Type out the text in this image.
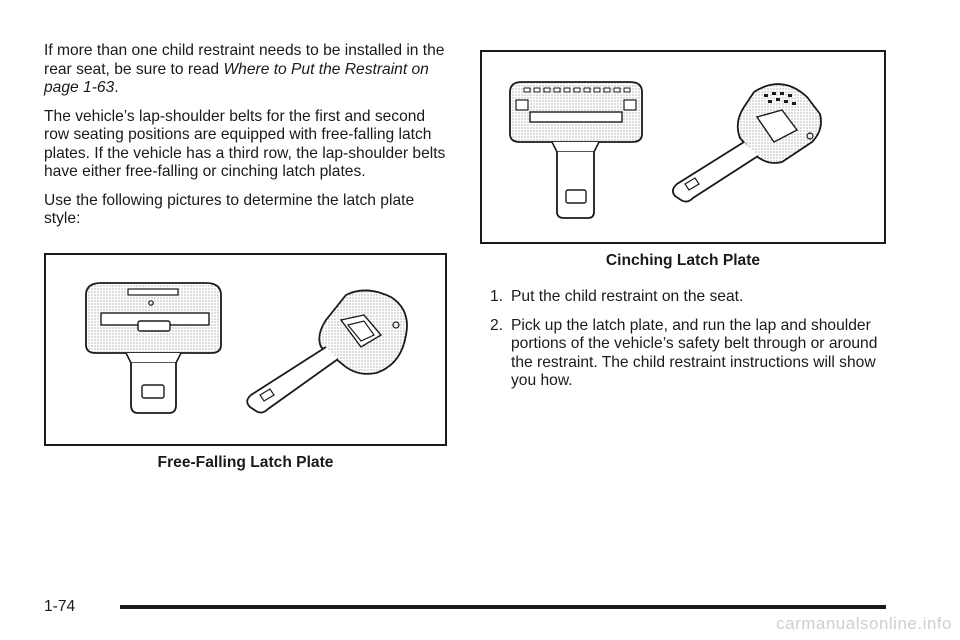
If more than one child restraint needs to be installed in the rear seat, be sure to read Where to Put the Restraint on page 1-63.

The vehicle’s lap-shoulder belts for the first and second row seating positions are equipped with free-falling latch plates. If the vehicle has a third row, the lap-shoulder belts have either free-falling or cinching latch plates.

Use the following pictures to determine the latch plate style:

Free-Falling Latch Plate
Cinching Latch Plate
1. Put the child restraint on the seat.
2. Pick up the latch plate, and run the lap and shoulder portions of the vehicle’s safety belt through or around the restraint. The child restraint instructions will show you how.
1-74
carmanualsonline.info
